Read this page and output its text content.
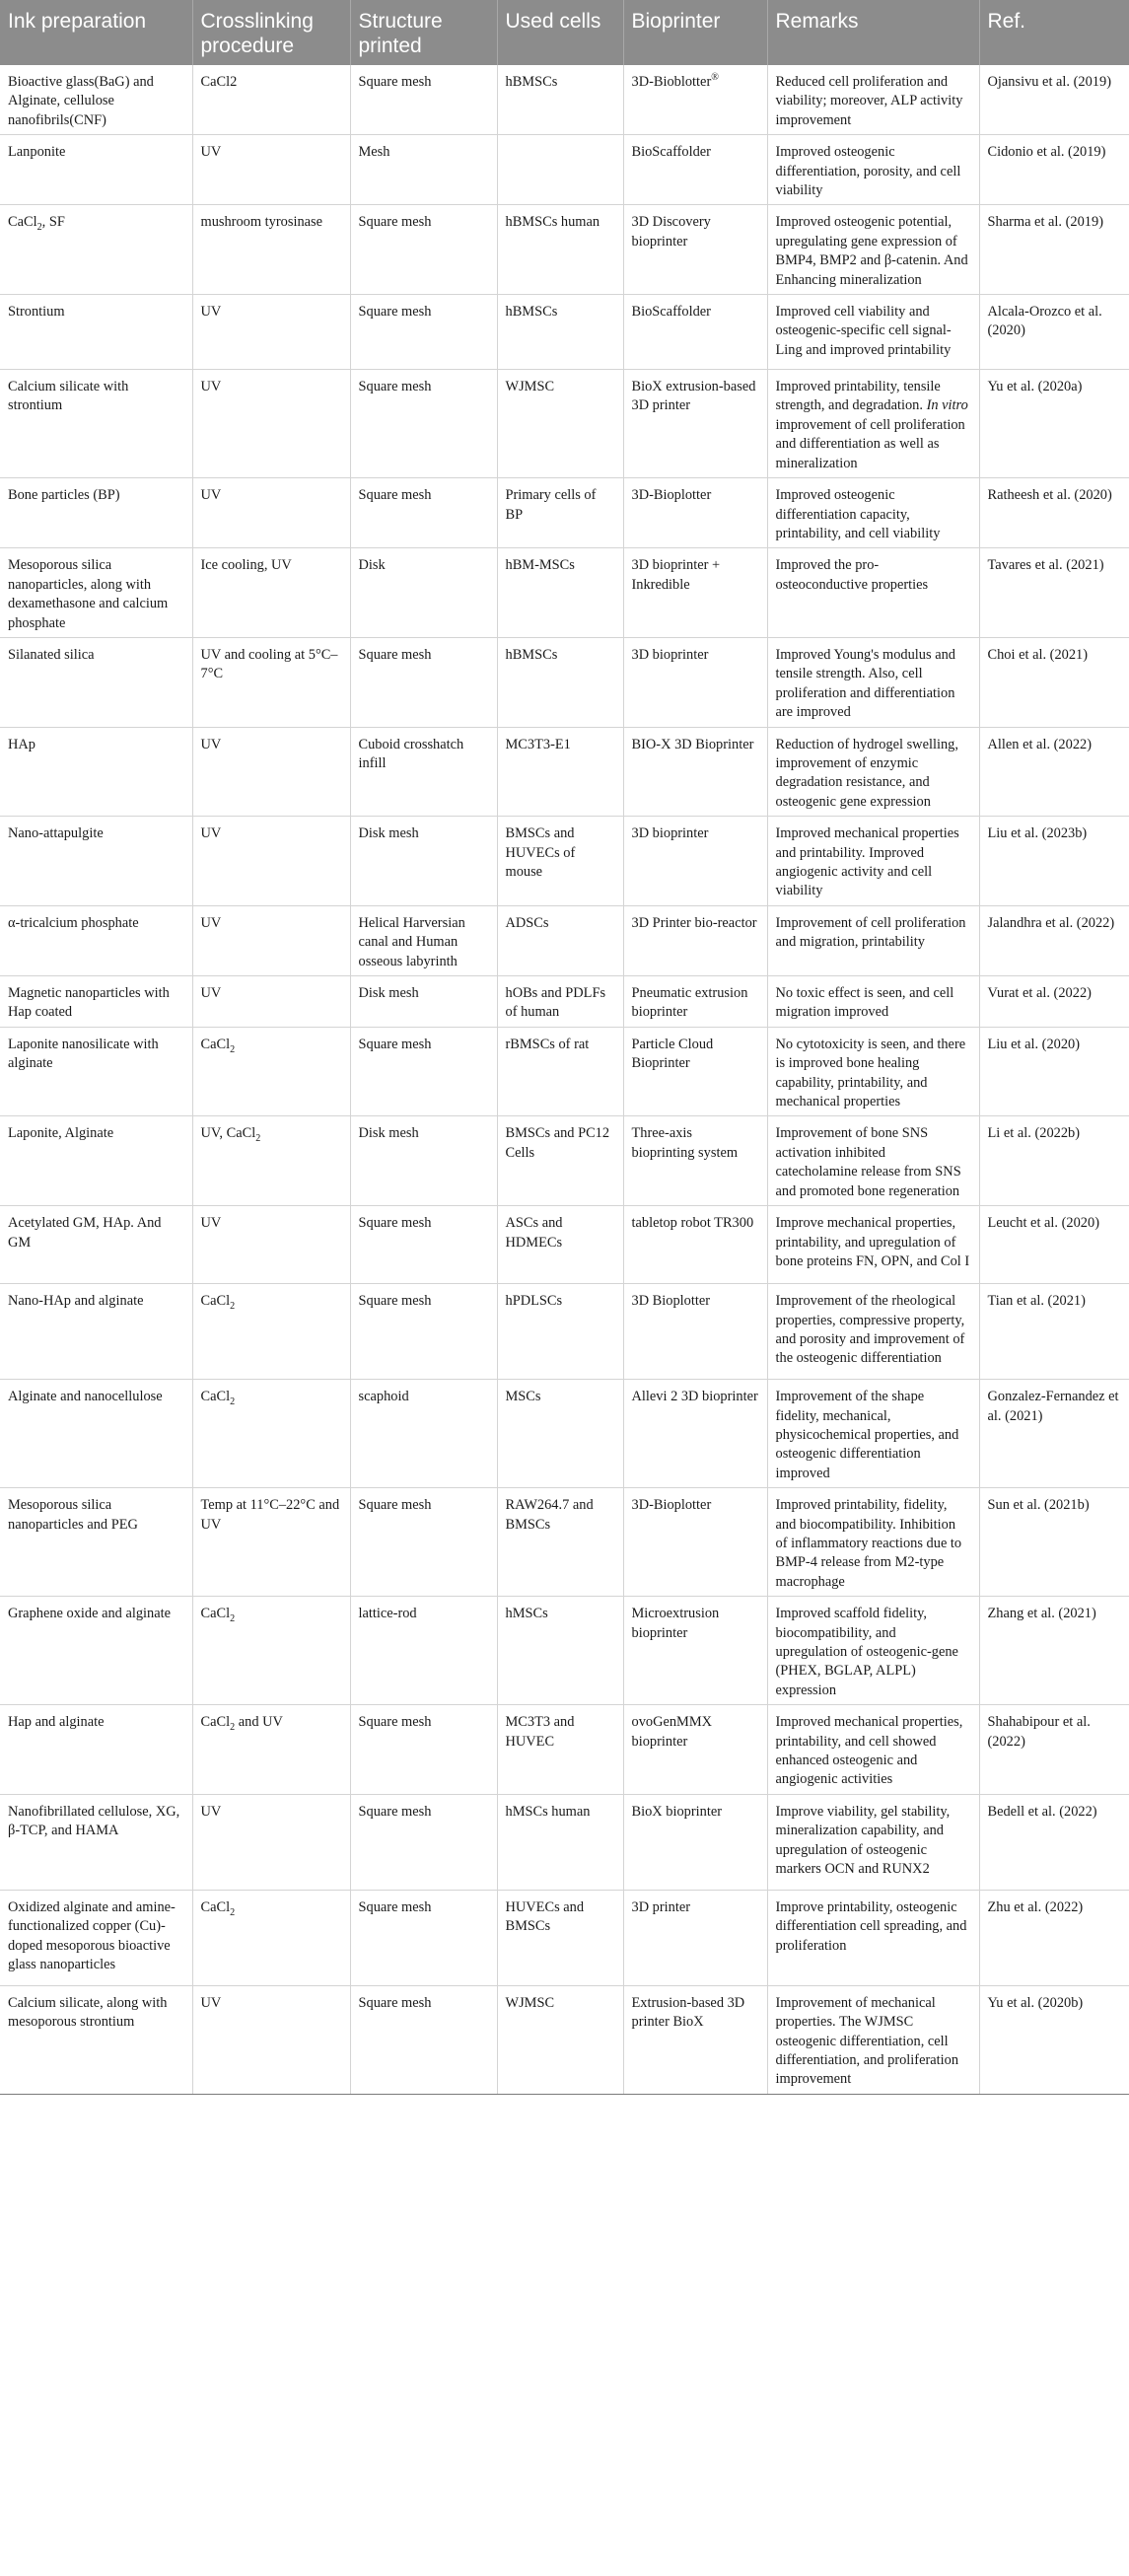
Ink preparation	Crosslinking procedure	Structure printed	Used cells	Bioprinter	Remarks	Ref.
Bioactive glass(BaG) and Alginate, cellulose nanofibrils(CNF)	CaCl2	Square mesh	hBMSCs	3D-Bioblotter®	Reduced cell proliferation and viability; moreover, ALP activity improvement	Ojansivu et al. (2019)
Lanponite	UV	Mesh		BioScaffolder	Improved osteogenic differentiation, porosity, and cell viability	Cidonio et al. (2019)
CaCl$_2$, SF	mushroom tyrosinase	Square mesh	hBMSCs human	3D Discovery bioprinter	Improved osteogenic potential, upregulating gene expression of BMP4, BMP2 and β-catenin. And Enhancing mineralization	Sharma et al. (2019)
Strontium	UV	Square mesh	hBMSCs	BioScaffolder	Improved cell viability and osteogenic-specific cell signal-Ling and improved printability	Alcala-Orozco et al. (2020)
Calcium silicate with strontium	UV	Square mesh	WJMSC	BioX extrusion-based 3D printer	Improved printability, tensile strength, and degradation. In vitro improvement of cell proliferation and differentiation as well as mineralization	Yu et al. (2020a)
Bone particles (BP)	UV	Square mesh	Primary cells of BP	3D-Bioplotter	Improved osteogenic differentiation capacity, printability, and cell viability	Ratheesh et al. (2020)
Mesoporous silica nanoparticles, along with dexamethasone and calcium phosphate	Ice cooling, UV	Disk	hBM-MSCs	3D bioprinter + Inkredible	Improved the pro-osteoconductive properties	Tavares et al. (2021)
Silanated silica	UV and cooling at 5°C–7°C	Square mesh	hBMSCs	3D bioprinter	Improved Young's modulus and tensile strength. Also, cell proliferation and differentiation are improved	Choi et al. (2021)
HAp	UV	Cuboid crosshatch infill	MC3T3-E1	BIO-X 3D Bioprinter	Reduction of hydrogel swelling, improvement of enzymic degradation resistance, and osteogenic gene expression	Allen et al. (2022)
Nano-attapulgite	UV	Disk mesh	BMSCs and HUVECs of mouse	3D bioprinter	Improved mechanical properties and printability. Improved angiogenic activity and cell viability	Liu et al. (2023b)
α-tricalcium phosphate	UV	Helical Harversian canal and Human osseous labyrinth	ADSCs	3D Printer bio-reactor	Improvement of cell proliferation and migration, printability	Jalandhra et al. (2022)
Magnetic nanoparticles with Hap coated	UV	Disk mesh	hOBs and PDLFs of human	Pneumatic extrusion bioprinter	No toxic effect is seen, and cell migration improved	Vurat et al. (2022)
Laponite nanosilicate with alginate	CaCl$_2$	Square mesh	rBMSCs of rat	Particle Cloud Bioprinter	No cytotoxicity is seen, and there is improved bone healing capability, printability, and mechanical properties	Liu et al. (2020)
Laponite, Alginate	UV, CaCl$_2$	Disk mesh	BMSCs and PC12 Cells	Three-axis bioprinting system	Improvement of bone SNS activation inhibited catecholamine release from SNS and promoted bone regeneration	Li et al. (2022b)
Acetylated GM, HAp. And GM	UV	Square mesh	ASCs and HDMECs	tabletop robot TR300	Improve mechanical properties, printability, and upregulation of bone proteins FN, OPN, and Col I	Leucht et al. (2020)
Nano-HAp and alginate	CaCl$_2$	Square mesh	hPDLSCs	3D Bioplotter	Improvement of the rheological properties, compressive property, and porosity and improvement of the osteogenic differentiation	Tian et al. (2021)
Alginate and nanocellulose	CaCl$_2$	scaphoid	MSCs	Allevi 2 3D bioprinter	Improvement of the shape fidelity, mechanical, physicochemical properties, and osteogenic differentiation improved	Gonzalez-Fernandez et al. (2021)
Mesoporous silica nanoparticles and PEG	Temp at 11°C–22°C and UV	Square mesh	RAW264.7 and BMSCs	3D-Bioplotter	Improved printability, fidelity, and biocompatibility. Inhibition of inflammatory reactions due to BMP-4 release from M2-type macrophage	Sun et al. (2021b)
Graphene oxide and alginate	CaCl$_2$	lattice-rod	hMSCs	Microextrusion bioprinter	Improved scaffold fidelity, biocompatibility, and upregulation of osteogenic-gene (PHEX, BGLAP, ALPL) expression	Zhang et al. (2021)
Hap and alginate	CaCl$_2$ and UV	Square mesh	MC3T3 and HUVEC	ovoGenMMX bioprinter	Improved mechanical properties, printability, and cell showed enhanced osteogenic and angiogenic activities	Shahabipour et al. (2022)
Nanofibrillated cellulose, XG, β-TCP, and HAMA	UV	Square mesh	hMSCs human	BioX bioprinter	Improve viability, gel stability, mineralization capability, and upregulation of osteogenic markers OCN and RUNX2	Bedell et al. (2022)
Oxidized alginate and amine-functionalized copper (Cu)-doped mesoporous bioactive glass nanoparticles	CaCl$_2$	Square mesh	HUVECs and BMSCs	3D printer	Improve printability, osteogenic differentiation cell spreading, and proliferation	Zhu et al. (2022)
Calcium silicate, along with mesoporous strontium	UV	Square mesh	WJMSC	Extrusion-based 3D printer BioX	Improvement of mechanical properties. The WJMSC osteogenic differentiation, cell differentiation, and proliferation improvement	Yu et al. (2020b)
